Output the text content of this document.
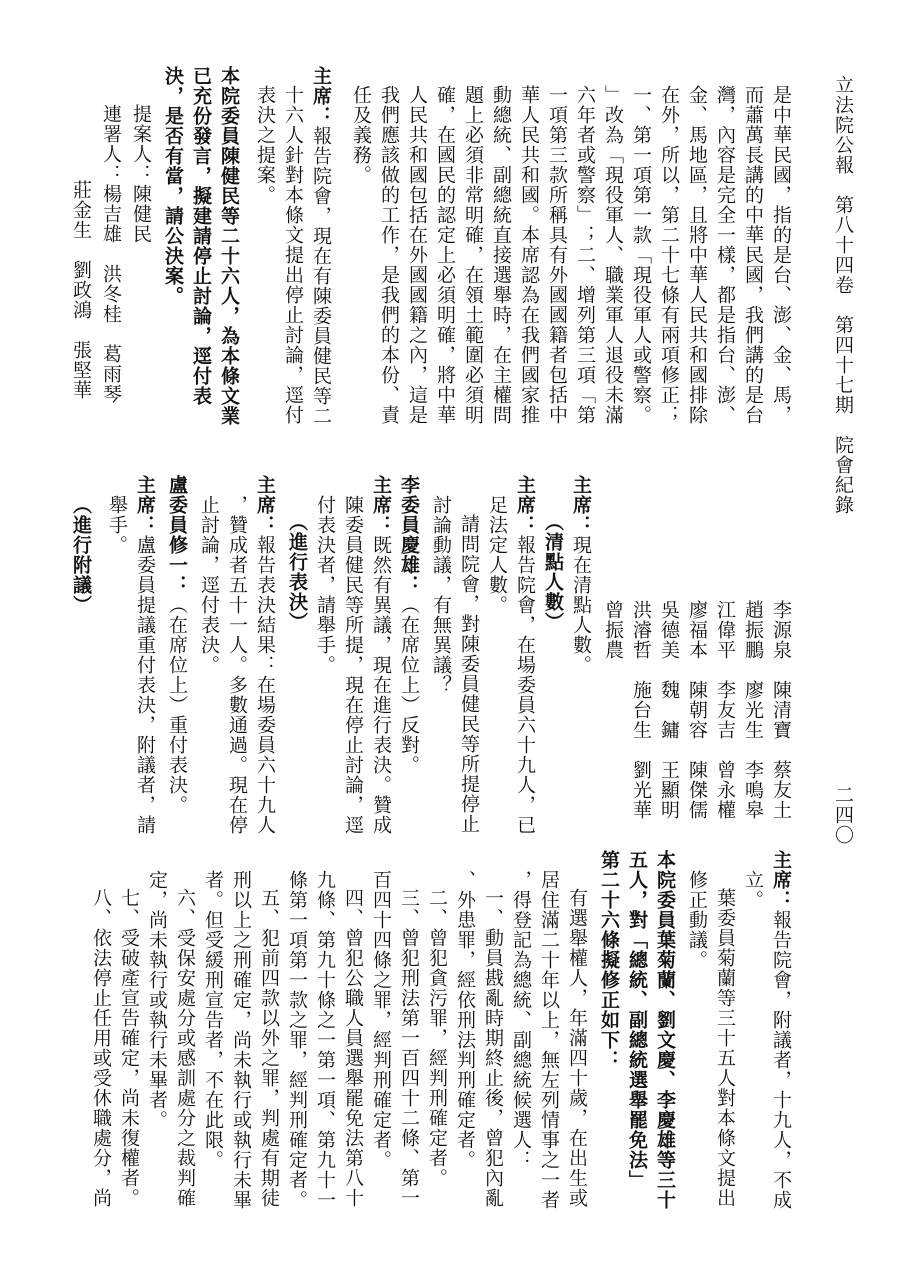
立法院公報　第八十四卷　第四十七期　院會紀錄
二四〇
是中華民國，指的是台、澎、金、馬，
而蕭萬長講的中華民國，我們講的是台
灣，內容是完全一樣，都是指台、澎、
金、馬地區，且將中華人民共和國排除
在外，所以，第二十七條有兩項修正；
一、第一項第一款「現役軍人或警察。
」改為「現役軍人、職業軍人退役未滿
六年者或警察」；二、增列第三項「第
一項第三款所稱具有外國國籍者包括中
華人民共和國。本席認為在我們國家推
動總統、副總統直接選舉時，在主權問
題上必須非常明確，在領土範圍必須明
確，在國民的認定上必須明確，將中華
人民共和國包括在外國國籍之內，這是
我們應該做的工作，是我們的本份、責
任及義務。
主席：報告院會，現在有陳委員健民等二
十六人針對本條文提出停止討論，逕付
表決之提案。
本院委員陳健民等二十六人，為本條文業
已充份發言，擬建請停止討論，逕付表
決，是否有當，請公決案。
提案人：陳健民
連署人：楊吉雄　洪冬桂　葛雨琴
莊金生　劉政鴻　張堅華
李源泉　陳清寶　蔡友土
趙振鵬　廖光生　李鳴皋
江偉平　李友吉　曾永權
廖福本　陳朝容　陳傑儒
吳德美　魏　鏞　王顯明
洪濬哲　施台生　劉光華
曾振農
主席：現在清點人數。
（清點人數）
主席：報告院會，在場委員六十九人，已
足法定人數。
請問院會，對陳委員健民等所提停止
討論動議，有無異議？
李委員慶雄：（在席位上）反對。
主席：既然有異議，現在進行表決。贊成
陳委員健民等所提，現在停止討論，逕
付表決者，請舉手。
（進行表決）
主席：報告表決結果：在場委員六十九人
，贊成者五十一人。多數通過。現在停
止討論，逕付表決。
盧委員修一：（在席位上）重付表決。
主席：盧委員提議重付表決，附議者，請
舉手。
（進行附議）
主席：報告院會，附議者，十九人，不成
立。
葉委員菊蘭等三十五人對本條文提出
修正動議。
本院委員葉菊蘭、劉文慶、李慶雄等三十
五人，對「總統、副總統選舉罷免法」
第二十六條擬修正如下：
有選舉權人，年滿四十歲，在出生或
居住滿二十年以上，無左列情事之一者
，得登記為總統、副總統候選人：
一、動員戡亂時期終止後，曾犯內亂
、外患罪，經依刑法判刑確定者。
二、曾犯貪污罪，經判刑確定者。
三、曾犯刑法第一百四十二條、第一
百四十四條之罪，經判刑確定者。
四、曾犯公職人員選舉罷免法第八十
九條、第九十條之一第一項、第九十一
條第一項第一款之罪，經判刑確定者。
五、犯前四款以外之罪，判處有期徒
刑以上之刑確定，尚未執行或執行未畢
者。但受緩刑宣告者，不在此限。
六、受保安處分或感訓處分之裁判確
定，尚未執行或執行未畢者。
七、受破產宣告確定，尚未復權者。
八、依法停止任用或受休職處分，尚
